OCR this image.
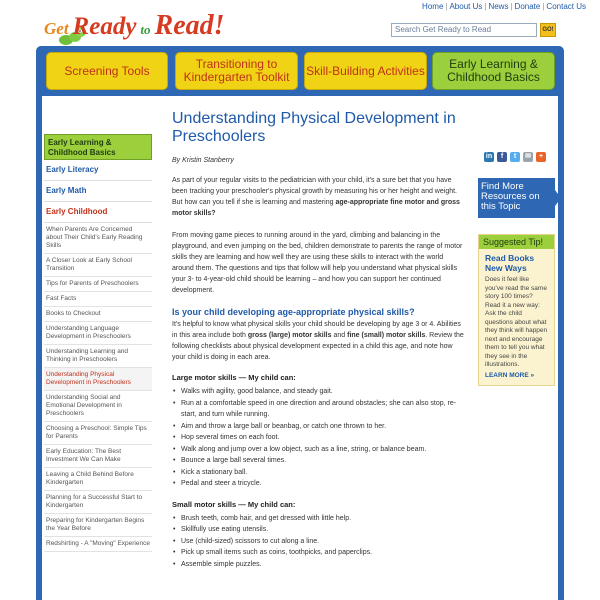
Get Ready to Read!
Home | About Us | News | Donate | Contact Us
Search Get Ready to Read	GO!
Screening Tools	Transitioning to Kindergarten Toolkit	Skill-Building Activities	Early Learning & Childhood Basics
Early Learning & Childhood Basics
Early Literacy
Early Math
Early Childhood
When Parents Are Concerned about Their Child's Early Reading Skills
A Closer Look at Early School Transition
Tips for Parents of Preschoolers
Fast Facts
Books to Checkout
Understanding Language Development in Preschoolers
Understanding Learning and Thinking in Preschoolers
Understanding Physical Development in Preschoolers
Understanding Social and Emotional Development in Preschoolers
Choosing a Preschool: Simple Tips for Parents
Early Education: The Best Investment We Can Make
Leaving a Child Behind Before Kindergarten
Planning for a Successful Start to Kindergarten
Preparing for Kindergarten Begins the Year Before
Redshirting - A "Moving" Experience
Understanding Physical Development in Preschoolers
By Kristin Stanberry

As part of your regular visits to the pediatrician with your child, it's a sure bet that you have been tracking your preschooler's physical growth by measuring his or her height and weight. But how can you tell if she is learning and mastering age-appropriate fine motor and gross motor skills?

From moving game pieces to running around in the yard, climbing and balancing in the playground, and even jumping on the bed, children demonstrate to parents the range of motor skills they are learning and how well they are using these skills to interact with the world around them. The questions and tips that follow will help you understand what physical skills your 3- to 4-year-old child should be learning – and how you can support her continued development.

Is your child developing age-appropriate physical skills?

It's helpful to know what physical skills your child should be developing by age 3 or 4. Abilities in this area include both gross (large) motor skills and fine (small) motor skills. Review the following checklists about physical development expected in a child this age, and note how your child is doing in each area.

Large motor skills — My child can:
• Walks with agility, good balance, and steady gait.
• Run at a comfortable speed in one direction and around obstacles; she can also stop, re-start, and turn while running.
• Aim and throw a large ball or beanbag, or catch one thrown to her.
• Hop several times on each foot.
• Walk along and jump over a low object, such as a line, string, or balance beam.
• Bounce a large ball several times.
• Kick a stationary ball.
• Pedal and steer a tricycle.
Small motor skills — My child can:
• Brush teeth, comb hair, and get dressed with little help.
• Skillfully use eating utensils.
• Use (child-sized) scissors to cut along a line.
• Pick up small items such as coins, toothpicks, and paperclips.
• Assemble simple puzzles.
in	f	t	✉	+
Find More Resources on this Topic
Suggested Tip!
Read Books New Ways
Does it feel like you've read the same story 100 times? Read it a new way: Ask the child questions about what they think will happen next and encourage them to tell you what they see in the illustrations.
LEARN MORE »
